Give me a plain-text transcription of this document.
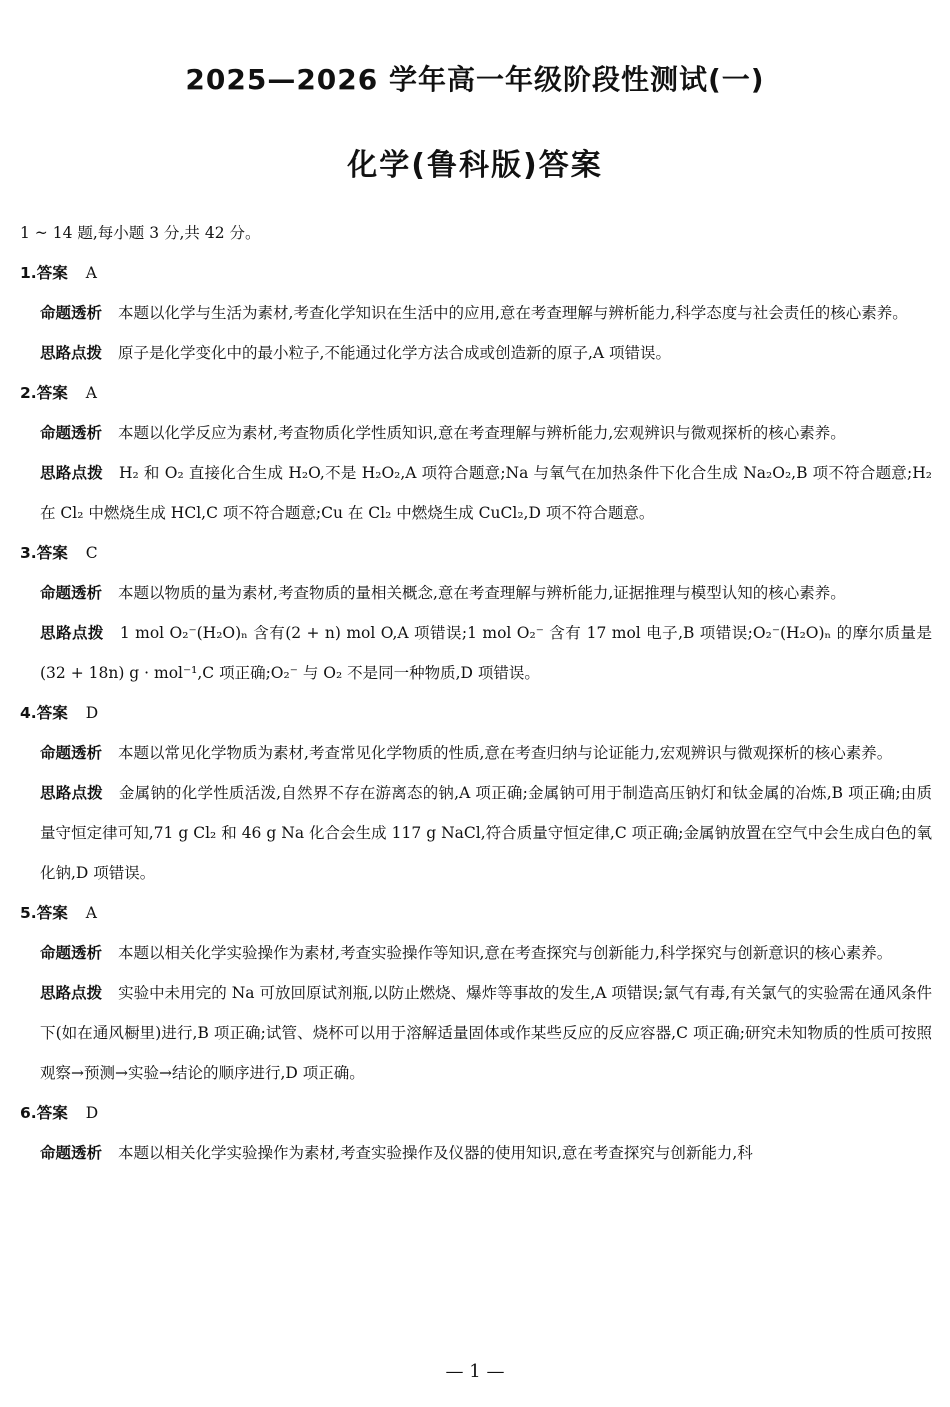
2025—2026 学年高一年级阶段性测试(一)
化学(鲁科版)答案

1 ~ 14 题,每小题 3 分,共 42 分。

1.答案 A

命题透析 本题以化学与生活为素材,考查化学知识在生活中的应用,意在考查理解与辨析能力,科学态度与社会责任的核心素养。

思路点拨 原子是化学变化中的最小粒子,不能通过化学方法合成或创造新的原子,A 项错误。

2.答案 A

命题透析 本题以化学反应为素材,考查物质化学性质知识,意在考查理解与辨析能力,宏观辨识与微观探析的核心素养。

思路点拨 H₂ 和 O₂ 直接化合生成 H₂O,不是 H₂O₂,A 项符合题意;Na 与氧气在加热条件下化合生成 Na₂O₂,B 项不符合题意;H₂ 在 Cl₂ 中燃烧生成 HCl,C 项不符合题意;Cu 在 Cl₂ 中燃烧生成 CuCl₂,D 项不符合题意。

3.答案 C

命题透析 本题以物质的量为素材,考查物质的量相关概念,意在考查理解与辨析能力,证据推理与模型认知的核心素养。

思路点拨 1 mol O₂⁻(H₂O)ₙ 含有(2 + n) mol O,A 项错误;1 mol O₂⁻ 含有 17 mol 电子,B 项错误;O₂⁻(H₂O)ₙ 的摩尔质量是(32 + 18n) g · mol⁻¹,C 项正确;O₂⁻ 与 O₂ 不是同一种物质,D 项错误。

4.答案 D

命题透析 本题以常见化学物质为素材,考查常见化学物质的性质,意在考查归纳与论证能力,宏观辨识与微观探析的核心素养。

思路点拨 金属钠的化学性质活泼,自然界不存在游离态的钠,A 项正确;金属钠可用于制造高压钠灯和钛金属的冶炼,B 项正确;由质量守恒定律可知,71 g Cl₂ 和 46 g Na 化合会生成 117 g NaCl,符合质量守恒定律,C 项正确;金属钠放置在空气中会生成白色的氧化钠,D 项错误。

5.答案 A

命题透析 本题以相关化学实验操作为素材,考查实验操作等知识,意在考查探究与创新能力,科学探究与创新意识的核心素养。

思路点拨 实验中未用完的 Na 可放回原试剂瓶,以防止燃烧、爆炸等事故的发生,A 项错误;氯气有毒,有关氯气的实验需在通风条件下(如在通风橱里)进行,B 项正确;试管、烧杯可以用于溶解适量固体或作某些反应的反应容器,C 项正确;研究未知物质的性质可按照观察→预测→实验→结论的顺序进行,D 项正确。

6.答案 D

命题透析 本题以相关化学实验操作为素材,考查实验操作及仪器的使用知识,意在考查探究与创新能力,科

— 1 —
